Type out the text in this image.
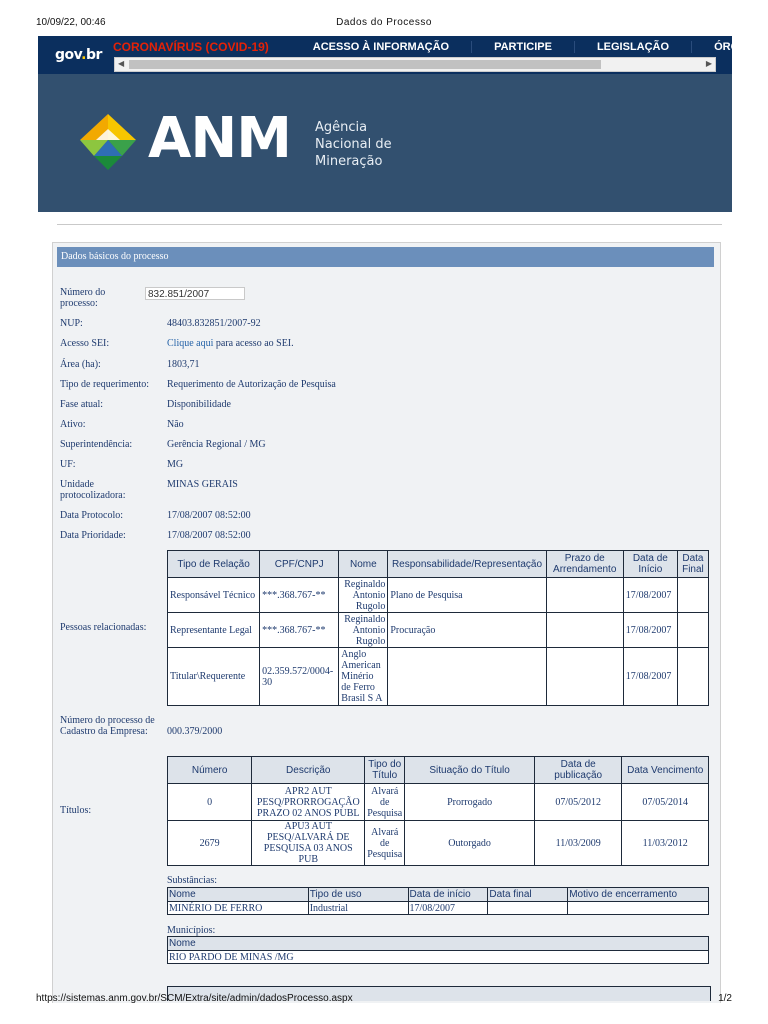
10/09/22, 00:46	Dados do Processo
gov.br CORONAVÍRUS (COVID-19)	ACESSO À INFORMAÇÃO	PARTICIPE	LEGISLAÇÃO	ÓRG
◀	▶
ANM Agência
Nacional de
Mineração
Dados básicos do processo
Número do processo:
832.851/2007
NUP:	48403.832851/2007-92
Acesso SEI:	Clique aqui para acesso ao SEI.
Área (ha):	1803,71
Tipo de requerimento: Requerimento de Autorização de Pesquisa
Fase atual:	Disponibilidade
Ativo:	Não
Superintendência:	Gerência Regional / MG
UF:	MG
Unidade protocolizadora:
MINAS GERAIS
Data Protocolo:	17/08/2007 08:52:00
Data Prioridade:	17/08/2007 08:52:00
Pessoas relacionadas:
Tipo de Relação	CPF/CNPJ	Nome	Responsabilidade/Representação	Prazo de Arrendamento	Data de Início	Data Final
Responsável Técnico	***.368.767-**	Reginaldo Antonio Rugolo	Plano de Pesquisa		17/08/2007	
Representante Legal	***.368.767-**	Reginaldo Antonio Rugolo	Procuração		17/08/2007	
Titular\Requerente	02.359.572/0004-30	Anglo American Minério de Ferro Brasil S A			17/08/2007	
Número do processo de Cadastro da Empresa:	000.379/2000
Títulos:
Número	Descrição	Tipo do Título	Situação do Título	Data de publicação	Data Vencimento
0	APR2 AUT PESQ/PRORROGAÇÃO PRAZO 02 ANOS PUBL	Alvará de Pesquisa	Prorrogado	07/05/2012	07/05/2014
2679	APU3 AUT PESQ/ALVARÁ DE PESQUISA 03 ANOS PUB	Alvará de Pesquisa	Outorgado	11/03/2009	11/03/2012
Substâncias:
Nome	Tipo de uso	Data de início	Data final	Motivo de encerramento
MINÉRIO DE FERRO	Industrial	17/08/2007		
Municípios:
Nome
RIO PARDO DE MINAS /MG
https://sistemas.anm.gov.br/SCM/Extra/site/admin/dadosProcesso.aspx	1/2
